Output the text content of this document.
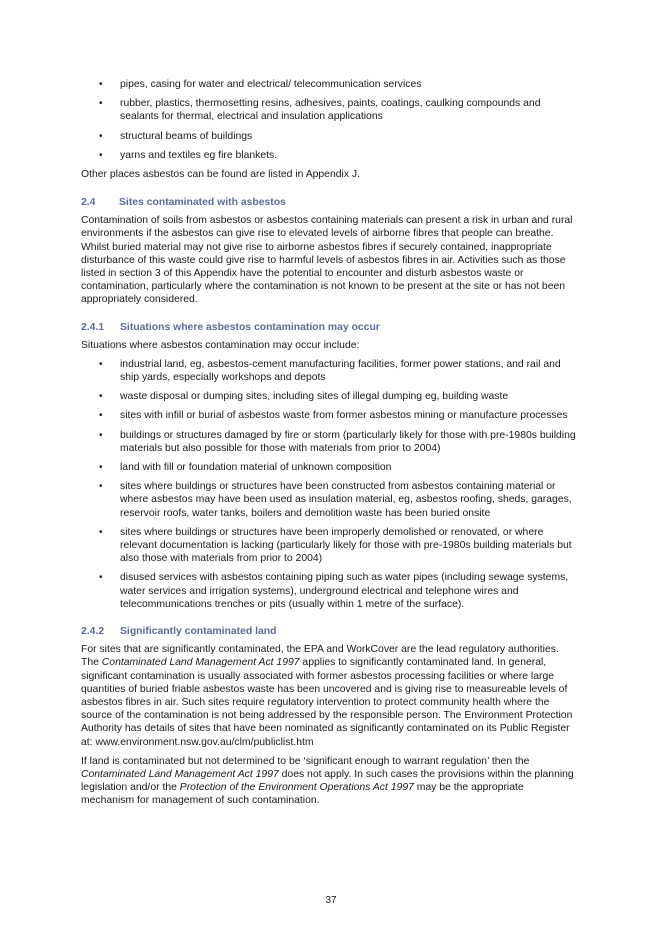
• pipes, casing for water and electrical/ telecommunication services
• rubber, plastics, thermosetting resins, adhesives, paints, coatings, caulking compounds and sealants for thermal, electrical and insulation applications
• structural beams of buildings
• yarns and textiles eg fire blankets.

Other places asbestos can be found are listed in Appendix J.

2.4 Sites contaminated with asbestos

Contamination of soils from asbestos or asbestos containing materials can present a risk in urban and rural environments if the asbestos can give rise to elevated levels of airborne fibres that people can breathe. Whilst buried material may not give rise to airborne asbestos fibres if securely contained, inappropriate disturbance of this waste could give rise to harmful levels of asbestos fibres in air. Activities such as those listed in section 3 of this Appendix have the potential to encounter and disturb asbestos waste or contamination, particularly where the contamination is not known to be present at the site or has not been appropriately considered.

2.4.1 Situations where asbestos contamination may occur

Situations where asbestos contamination may occur include:

• industrial land, eg, asbestos-cement manufacturing facilities, former power stations, and rail and ship yards, especially workshops and depots
• waste disposal or dumping sites, including sites of illegal dumping eg, building waste
• sites with infill or burial of asbestos waste from former asbestos mining or manufacture processes
• buildings or structures damaged by fire or storm (particularly likely for those with pre-1980s building materials but also possible for those with materials from prior to 2004)
• land with fill or foundation material of unknown composition
• sites where buildings or structures have been constructed from asbestos containing material or where asbestos may have been used as insulation material, eg, asbestos roofing, sheds, garages, reservoir roofs, water tanks, boilers and demolition waste has been buried onsite
• sites where buildings or structures have been improperly demolished or renovated, or where relevant documentation is lacking (particularly likely for those with pre-1980s building materials but also those with materials from prior to 2004)
• disused services with asbestos containing piping such as water pipes (including sewage systems, water services and irrigation systems), underground electrical and telephone wires and telecommunications trenches or pits (usually within 1 metre of the surface).
2.4.2 Significantly contaminated land

For sites that are significantly contaminated, the EPA and WorkCover are the lead regulatory authorities. The Contaminated Land Management Act 1997 applies to significantly contaminated land. In general, significant contamination is usually associated with former asbestos processing facilities or where large quantities of buried friable asbestos waste has been uncovered and is giving rise to measureable levels of asbestos fibres in air. Such sites require regulatory intervention to protect community health where the source of the contamination is not being addressed by the responsible person. The Environment Protection Authority has details of sites that have been nominated as significantly contaminated on its Public Register at: www.environment.nsw.gov.au/clm/publiclist.htm

If land is contaminated but not determined to be ‘significant enough to warrant regulation’ then the Contaminated Land Management Act 1997 does not apply. In such cases the provisions within the planning legislation and/or the Protection of the Environment Operations Act 1997 may be the appropriate mechanism for management of such contamination.

37
